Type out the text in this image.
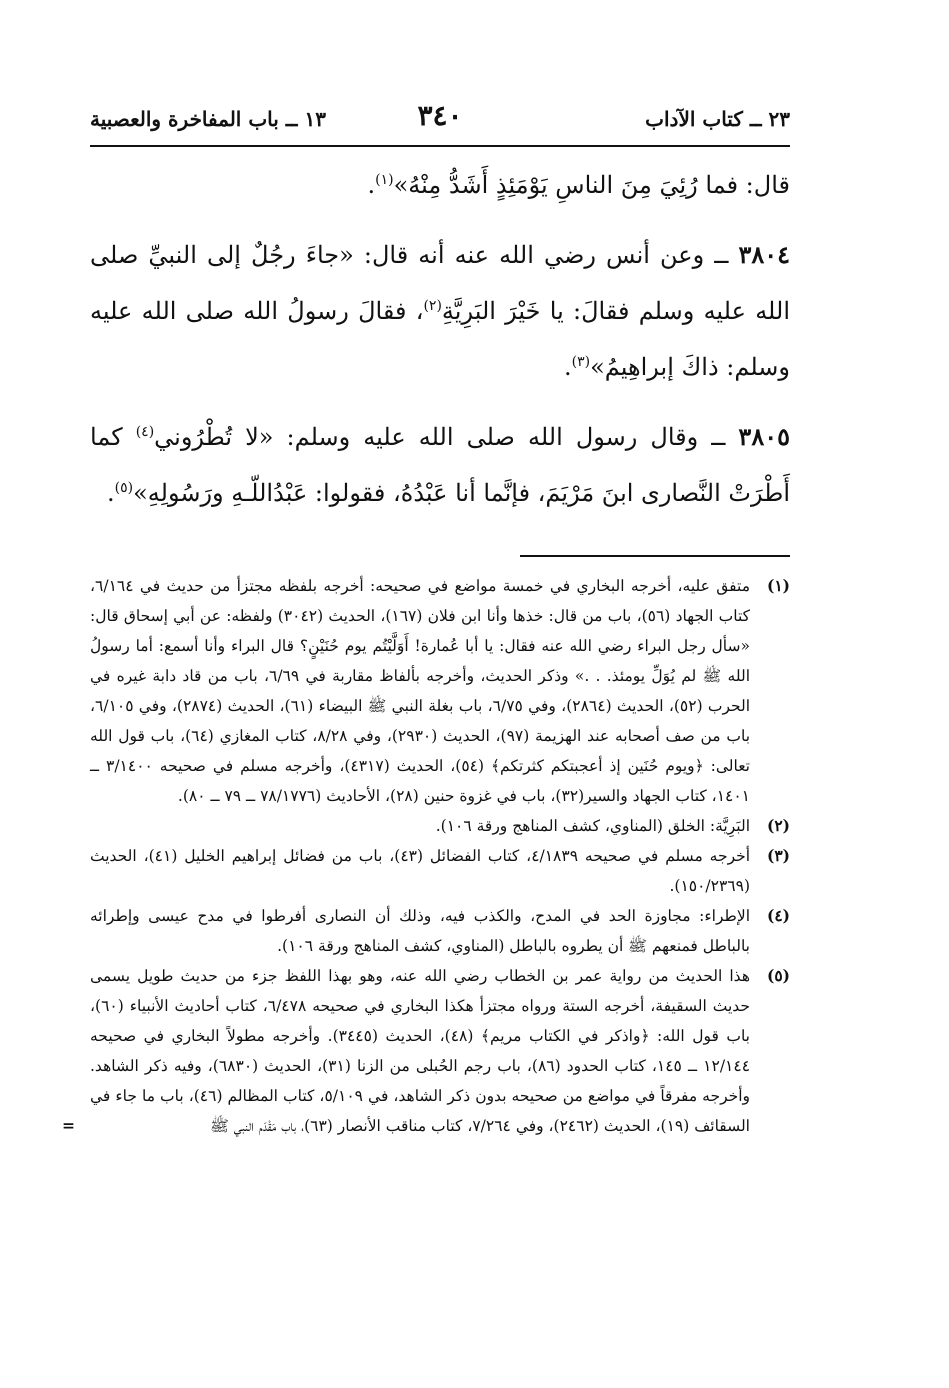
٢٣ ــ كتاب الآداب
٣٤٠
١٣ ــ باب المفاخرة والعصبية

قال: فما رُئِيَ مِنَ الناسِ يَوْمَئِذٍ أَشَدُّ مِنْهُ»$^{(١)}$.

٣٨٠٤ ــ وعن أنس رضي الله عنه أنه قال: «جاءَ رجُلٌ إلى النبيِّ صلى الله عليه وسلم فقالَ: يا خَيْرَ البَرِيَّةِ$^{(٢)}$، فقالَ رسولُ الله صلى الله عليه وسلم: ذاكَ إبراهِيمُ»$^{(٣)}$.

٣٨٠٥ ــ وقال رسول الله صلى الله عليه وسلم: «لا تُطْرُوني$^{(٤)}$ كما أَطْرَتْ النَّصارى ابنَ مَرْيَمَ، فإنَّما أنا عَبْدُهُ، فقولوا: عَبْدُاللّـهِ ورَسُولِهِ»$^{(٥)}$.

(١)
متفق عليه، أخرجه البخاري في خمسة مواضع في صحيحه: أخرجه بلفظه مجتزأ من حديث في ٦/١٦٤، كتاب الجهاد (٥٦)، باب من قال: خذها وأنا ابن فلان (١٦٧)، الحديث (٣٠٤٢) ولفظه: عن أبي إسحاق قال: «سأل رجل البراء رضي الله عنه فقال: يا أبا عُمارة! أَوَلَّيْتُم يوم حُنَيْنٍ؟ قال البراء وأنا أسمع: أما رسولُ الله ﷺ لم يُوَلِّ يومئذ. . .» وذكر الحديث، وأخرجه بألفاظ مقاربة في ٦/٦٩، باب من قاد دابة غيره في الحرب (٥٢)، الحديث (٢٨٦٤)، وفي ٦/٧٥، باب بغلة النبي ﷺ البيضاء (٦١)، الحديث (٢٨٧٤)، وفي ٦/١٠٥، باب من صف أصحابه عند الهزيمة (٩٧)، الحديث (٢٩٣٠)، وفي ٨/٢٨، كتاب المغازي (٦٤)، باب قول الله تعالى: ﴿ويوم حُنَين إذ أعجبتكم كثرتكم﴾ (٥٤)، الحديث (٤٣١٧)، وأخرجه مسلم في صحيحه ٣/١٤٠٠ ــ ١٤٠١، كتاب الجهاد والسير(٣٢)، باب في غزوة حنين (٢٨)، الأحاديث (٧٨/١٧٧٦ ــ ٧٩ ــ ٨٠).

(٢)
البَرِيَّة: الخلق (المناوي، كشف المناهج ورقة ١٠٦).

(٣)
أخرجه مسلم في صحيحه ٤/١٨٣٩، كتاب الفضائل (٤٣)، باب من فضائل إبراهيم الخليل (٤١)، الحديث (١٥٠/٢٣٦٩).

(٤)
الإطراء: مجاوزة الحد في المدح، والكذب فيه، وذلك أن النصارى أفرطوا في مدح عيسى وإطرائه بالباطل فمنعهم ﷺ أن يطروه بالباطل (المناوي، كشف المناهج ورقة ١٠٦).

(٥)
هذا الحديث من رواية عمر بن الخطاب رضي الله عنه، وهو بهذا اللفظ جزء من حديث طويل يسمى حديث السقيفة، أخرجه الستة ورواه مجتزأ هكذا البخاري في صحيحه ٦/٤٧٨، كتاب أحاديث الأنبياء (٦٠)، باب قول الله: ﴿واذكر في الكتاب مريم﴾ (٤٨)، الحديث (٣٤٤٥). وأخرجه مطولاً البخاري في صحيحه ١٢/١٤٤ ــ ١٤٥، كتاب الحدود (٨٦)، باب رجم الحُبلى من الزنا (٣١)، الحديث (٦٨٣٠)، وفيه ذكر الشاهد. وأخرجه مفرقاً في مواضع من صحيحه بدون ذكر الشاهد، في ٥/١٠٩، كتاب المظالم (٤٦)، باب ما جاء في السقائف (١٩)، الحديث (٢٤٦٢)، وفي ٧/٢٦٤، كتاب مناقب الأنصار (٦٣)، باب مَقْدَم النبي ﷺ
=
